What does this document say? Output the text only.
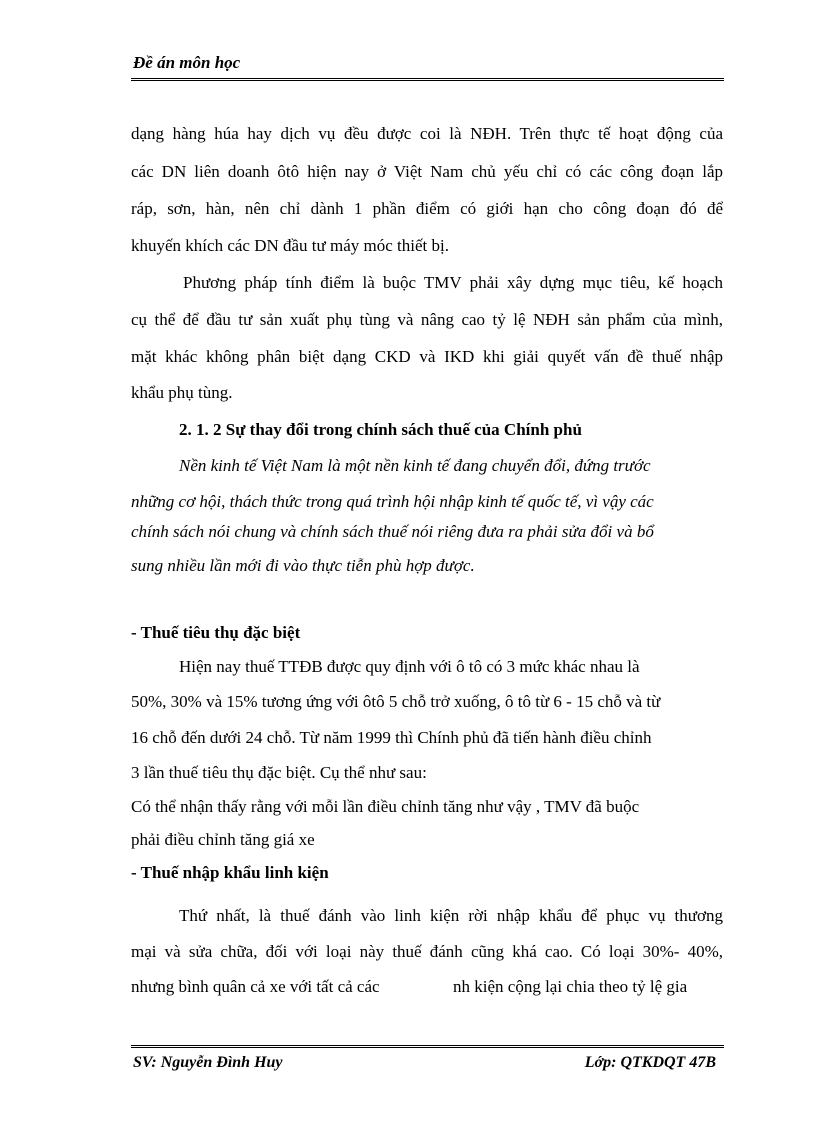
Đề án môn học
dạng hàng húa hay dịch vụ đều được coi là NĐH. Trên thực tế hoạt động của
các DN liên doanh ôtô hiện nay ở Việt Nam chủ yếu chỉ có các công đoạn lắp
ráp, sơn, hàn, nên chỉ dành 1 phần điểm có giới hạn cho công đoạn đó để
khuyến khích các DN đầu tư máy móc thiết bị.
Phương pháp tính điểm là buộc TMV phải xây dựng mục tiêu, kế hoạch
cụ thể để đầu tư sản xuất phụ tùng và nâng cao tỷ lệ NĐH sản phẩm của mình,
mặt khác không phân biệt dạng CKD và IKD khi giải quyết vấn đề thuế nhập
khẩu phụ tùng.
2. 1. 2 Sự thay đổi trong chính sách thuế của Chính phủ
Nền kinh tế Việt Nam là một nền kinh tế đang chuyển đổi, đứng trước
những cơ hội, thách thức trong quá trình hội nhập kinh tế quốc tế, vì vậy các
chính sách nói chung và chính sách thuế nói riêng đưa ra phải sửa đổi và bổ
sung nhiều lần mới đi vào thực tiễn phù hợp được.
- Thuế tiêu thụ đặc biệt
Hiện nay thuế TTĐB được quy định với ô tô có 3 mức khác nhau là
50%, 30% và 15% tương ứng với ôtô 5 chỗ trở xuống, ô tô từ 6 - 15 chỗ và từ
16 chỗ đến dưới 24 chỗ. Từ năm 1999 thì Chính phủ đã tiến hành điều chỉnh
3 lần thuế tiêu thụ đặc biệt. Cụ thể như sau:
Có thể nhận thấy rằng với mỗi lần điều chỉnh tăng như vậy , TMV đã buộc
phải điều chỉnh tăng giá xe
- Thuế nhập khẩu linh kiện
Thứ nhất, là thuế đánh vào linh kiện rời nhập khẩu để phục vụ thương
mại và sửa chữa, đối với loại này thuế đánh cũng khá cao. Có loại 30%- 40%,
nhưng bình quân cả xe với tất cả các	nh kiện cộng lại chia theo tỷ lệ gia
SV: Nguyễn Đình Huy	Lớp: QTKDQT 47B
